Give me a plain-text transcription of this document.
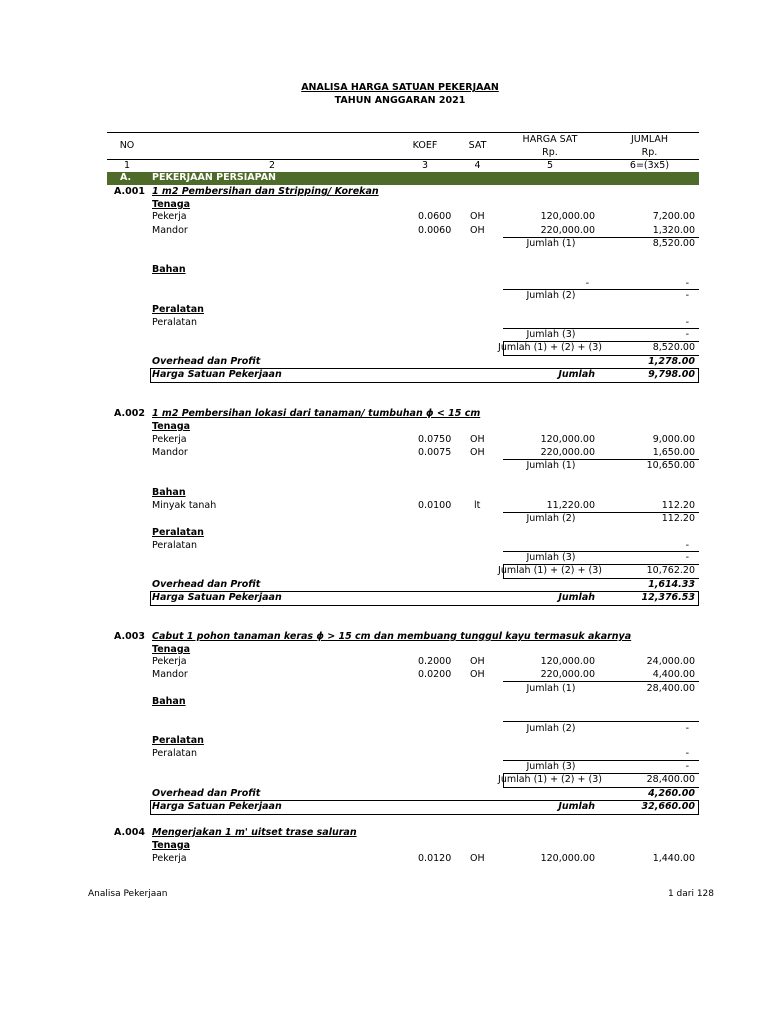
ANALISA HARGA SATUAN PEKERJAAN
TAHUN ANGGARAN 2021
NO	KOEF	SAT
HARGA SAT
Rp.
JUMLAH
Rp.
1	2	3	4	5	6=(3x5)
A. PEKERJAAN PERSIAPAN
A.001 1 m2 Pembersihan dan Stripping/ Korekan
Tenaga
Pekerja	0.0600 OH	120,000.00	7,200.00
Mandor	0.0060 OH	220,000.00	1,320.00
Jumlah (1)	8,520.00
Bahan
-	-
Jumlah (2)	-
Peralatan
Peralatan	-
Jumlah (3)	-
Jumlah (1) + (2) + (3)	8,520.00
Overhead dan Profit	1,278.00
Harga Satuan Pekerjaan	Jumlah	9,798.00
A.002 1 m2 Pembersihan lokasi dari tanaman/ tumbuhan ɸ < 15 cm
Tenaga
Pekerja	0.0750 OH	120,000.00	9,000.00
Mandor	0.0075 OH	220,000.00	1,650.00
Jumlah (1)	10,650.00
Bahan
Minyak tanah	0.0100 lt	11,220.00	112.20
Jumlah (2)	112.20
Peralatan
Peralatan	-
Jumlah (3)	-
Jumlah (1) + (2) + (3)	10,762.20
Overhead dan Profit	1,614.33
Harga Satuan Pekerjaan	Jumlah	12,376.53
A.003 Cabut 1 pohon tanaman keras ɸ > 15 cm dan membuang tunggul kayu termasuk akarnya
Tenaga
Pekerja	0.2000 OH	120,000.00	24,000.00
Mandor	0.0200 OH	220,000.00	4,400.00
Jumlah (1)	28,400.00
Bahan
Jumlah (2)	-
Peralatan
Peralatan	-
Jumlah (3)	-
Jumlah (1) + (2) + (3)	28,400.00
Overhead dan Profit	4,260.00
Harga Satuan Pekerjaan	Jumlah	32,660.00
A.004 Mengerjakan 1 m' uitset trase saluran
Tenaga
Pekerja	0.0120 OH	120,000.00	1,440.00
Analisa Pekerjaan	1 dari 128
